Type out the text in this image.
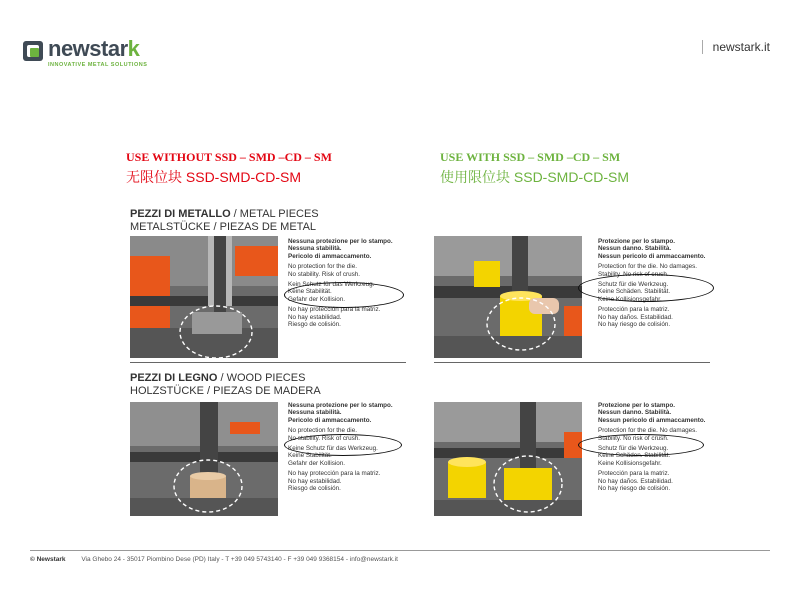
newstark
INNOVATIVE METAL SOLUTIONS
newstark.it
USE WITHOUT SSD – SMD –CD – SM
无限位块 SSD-SMD-CD-SM
USE WITH SSD – SMD –CD – SM
使用限位块 SSD-SMD-CD-SM
PEZZI DI METALLO / METAL PIECES
METALSTÜCKE / PIEZAS DE METAL
Nessuna protezione per lo stampo.
Nessuna stabilità.
Pericolo di ammaccamento.
No protection for the die.
No stability. Risk of crush.
Kein Schutz für das Werkzeug.
Keine Stabilität.
Gefahr der Kollision.
No hay protección para la matriz.
No hay estabilidad.
Riesgo de colisión.
Protezione per lo stampo.
Nessun danno. Stabilità.
Nessun pericolo di ammaccamento.
Protection for the die. No damages.
Stability. No risk of crush.
Schutz für die Werkzeug.
Keine Schäden. Stabilität.
Keine Kollisionsgefahr.
Protección para la matriz.
No hay daños. Estabilidad.
No hay riesgo de colisión.
PEZZI DI LEGNO / WOOD PIECES
HOLZSTÜCKE / PIEZAS DE MADERA
Nessuna protezione per lo stampo.
Nessuna stabilità.
Pericolo di ammaccamento.
No protection for the die.
No stability. Risk of crush.
Keine Schutz für das Werkzeug.
Keine Stabilität.
Gefahr der Kollision.
No hay protección para la matriz.
No hay estabilidad.
Riesgo de colisión.
Protezione per lo stampo.
Nessun danno. Stabilità.
Nessun pericolo di ammaccamento.
Protection for the die. No damages.
Stability. No risk of crush.
Schutz für die Werkzeug.
Keine Schäden. Stabilität.
Keine Kollisionsgefahr.
Protección para la matriz.
No hay daños. Estabilidad.
No hay riesgo de colisión.
© Newstark Via Ghebo 24 - 35017 Piombino Dese (PD) Italy - T +39 049 5743140 - F +39 049 9368154 - info@newstark.it
